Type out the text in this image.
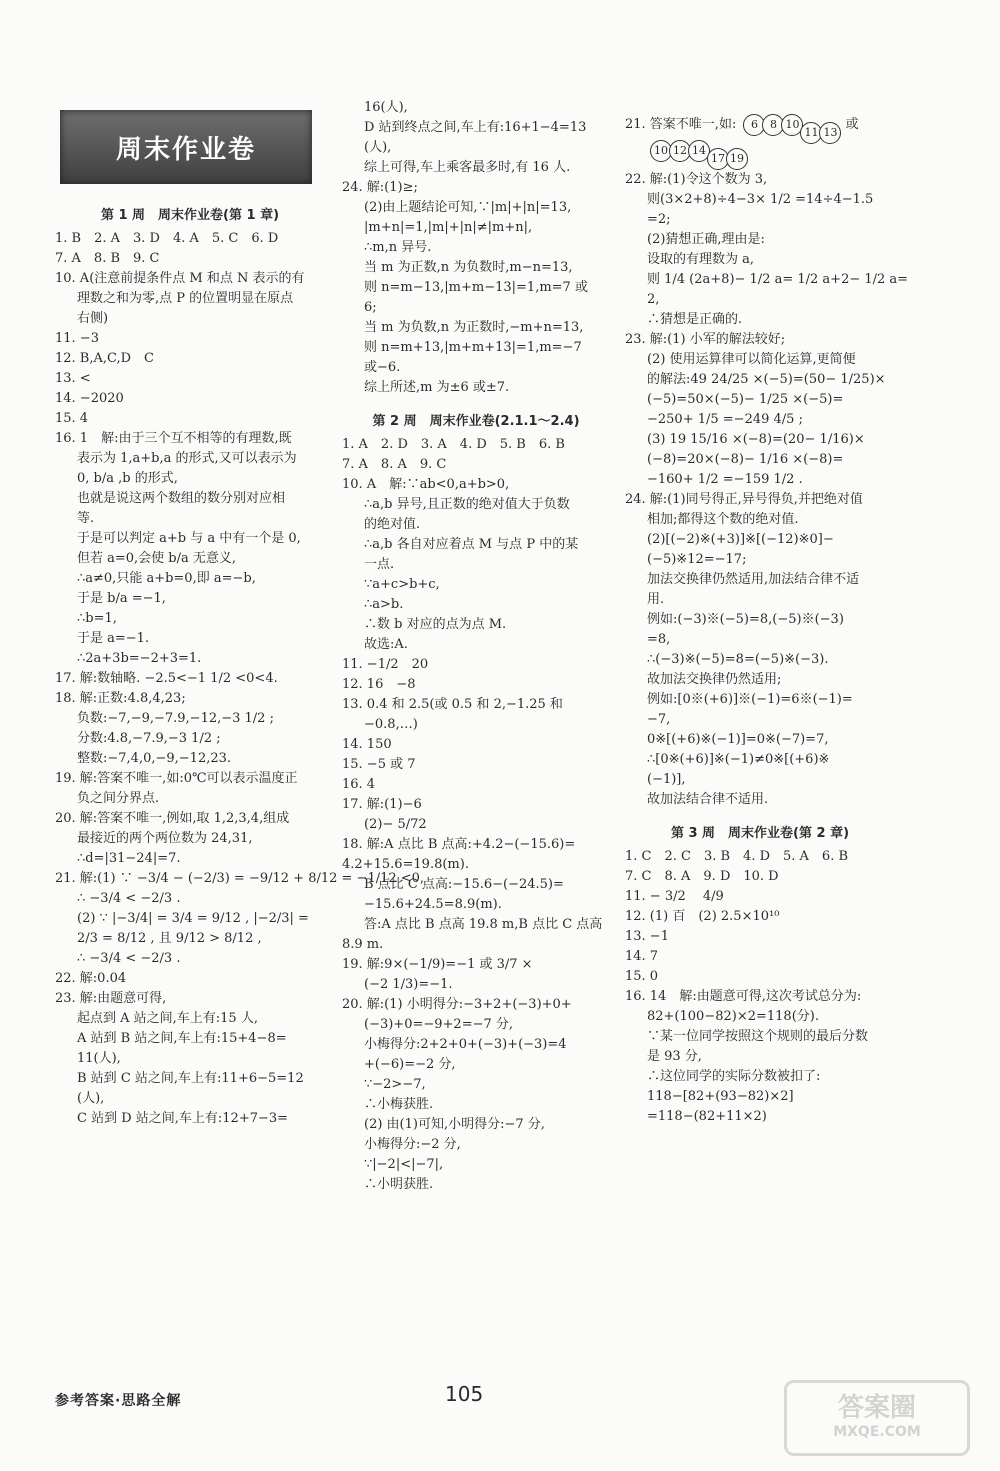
周末作业卷
第 1 周　周末作业卷(第 1 章)
1. B　2. A　3. D　4. A　5. C　6. D
7. A　8. B　9. C
10. A(注意前提条件点 M 和点 N 表示的有
理数之和为零,点 P 的位置明显在原点
右侧)
11. −3
12. B,A,C,D　C
13. <
14. −2020
15. 4
16. 1　解:由于三个互不相等的有理数,既
表示为 1,a+b,a 的形式,又可以表示为
0, b/a ,b 的形式,
也就是说这两个数组的数分别对应相
等.
于是可以判定 a+b 与 a 中有一个是 0,
但若 a=0,会使 b/a 无意义,
∴a≠0,只能 a+b=0,即 a=−b,
于是 b/a =−1,
∴b=1,
于是 a=−1.
∴2a+3b=−2+3=1.
17. 解:数轴略. −2.5<−1 1/2 <0<4.
18. 解:正数:4.8,4,23;
负数:−7,−9,−7.9,−12,−3 1/2 ;
分数:4.8,−7.9,−3 1/2 ;
整数:−7,4,0,−9,−12,23.
19. 解:答案不唯一,如:0℃可以表示温度正
负之间分界点.
20. 解:答案不唯一,例如,取 1,2,3,4,组成
最接近的两个两位数为 24,31,
∴d=|31−24|=7.
21. 解:(1) ∵ −3/4 − (−2/3) = −9/12 + 8/12 = −1/12 <0,
∴ −3/4 < −2/3 .
(2) ∵ |−3/4| = 3/4 = 9/12 , |−2/3| =
2/3 = 8/12 , 且 9/12 > 8/12 ,
∴ −3/4 < −2/3 .
22. 解:0.04
23. 解:由题意可得,
起点到 A 站之间,车上有:15 人,
A 站到 B 站之间,车上有:15+4−8=
11(人),
B 站到 C 站之间,车上有:11+6−5=12
(人),
C 站到 D 站之间,车上有:12+7−3=
16(人),
D 站到终点之间,车上有:16+1−4=13
(人),
综上可得,车上乘客最多时,有 16 人.
24. 解:(1)≥;
(2)由上题结论可知,∵|m|+|n|=13,
|m+n|=1,|m|+|n|≠|m+n|,
∴m,n 异号.
当 m 为正数,n 为负数时,m−n=13,
则 n=m−13,|m+m−13|=1,m=7 或
6;
当 m 为负数,n 为正数时,−m+n=13,
则 n=m+13,|m+m+13|=1,m=−7
或−6.
综上所述,m 为±6 或±7.
第 2 周　周末作业卷(2.1.1～2.4)
1. A　2. D　3. A　4. D　5. B　6. B
7. A　8. A　9. C
10. A　解:∵ab<0,a+b>0,
∴a,b 异号,且正数的绝对值大于负数
的绝对值.
∴a,b 各自对应着点 M 与点 P 中的某
一点.
∵a+c>b+c,
∴a>b.
∴数 b 对应的点为点 M.
故选:A.
11. −1/2　20
12. 16　−8
13. 0.4 和 2.5(或 0.5 和 2,−1.25 和
−0.8,…)
14. 150
15. −5 或 7
16. 4
17. 解:(1)−6
(2)− 5/72
18. 解:A 点比 B 点高:+4.2−(−15.6)=
4.2+15.6=19.8(m).
B 点比 C 点高:−15.6−(−24.5)=
−15.6+24.5=8.9(m).
答:A 点比 B 点高 19.8 m,B 点比 C 点高
8.9 m.
19. 解:9×(−1/9)=−1 或 3/7 ×
(−2 1/3)=−1.
20. 解:(1) 小明得分:−3+2+(−3)+0+
(−3)+0=−9+2=−7 分,
小梅得分:2+2+0+(−3)+(−3)=4
+(−6)=−2 分,
∵−2>−7,
∴小梅获胜.
(2) 由(1)可知,小明得分:−7 分,
小梅得分:−2 分,
∵|−2|<|−7|,
∴小明获胜.
21. 答案不唯一,如:	6	8 10
11 13 或
10 12 14
17 19
22. 解:(1)令这个数为 3,
则(3×2+8)÷4−3× 1/2 =14÷4−1.5
=2;
(2)猜想正确,理由是:
设取的有理数为 a,
则 1/4 (2a+8)− 1/2 a= 1/2 a+2− 1/2 a=
2,
∴猜想是正确的.
23. 解:(1) 小军的解法较好;
(2) 使用运算律可以简化运算,更简便
的解法:49 24/25 ×(−5)=(50− 1/25)×
(−5)=50×(−5)− 1/25 ×(−5)=
−250+ 1/5 =−249 4/5 ;
(3) 19 15/16 ×(−8)=(20− 1/16)×
(−8)=20×(−8)− 1/16 ×(−8)=
−160+ 1/2 =−159 1/2 .
24. 解:(1)同号得正,异号得负,并把绝对值
相加;都得这个数的绝对值.
(2)[(−2)※(+3)]※[(−12)※0]−
(−5)※12=−17;
加法交换律仍然适用,加法结合律不适
用.
例如:(−3)※(−5)=8,(−5)※(−3)
=8,
∴(−3)※(−5)=8=(−5)※(−3).
故加法交换律仍然适用;
例如:[0※(+6)]※(−1)=6※(−1)=
−7,
0※[(+6)※(−1)]=0※(−7)=7,
∴[0※(+6)]※(−1)≠0※[(+6)※
(−1)],
故加法结合律不适用.
第 3 周　周末作业卷(第 2 章)
1. C　2. C　3. B　4. D　5. A　6. B
7. C　8. A　9. D　10. D
11. − 3/2 　4/9
12. (1) 百　(2) 2.5×10¹⁰
13. −1
14. 7
15. 0
16. 14　解:由题意可得,这次考试总分为:
82+(100−82)×2=118(分).
∵某一位同学按照这个规则的最后分数
是 93 分,
∴这位同学的实际分数被扣了:
118−[82+(93−82)×2]
=118−(82+11×2)
参考答案·思路全解	105	答案圈
MXQE.COM
